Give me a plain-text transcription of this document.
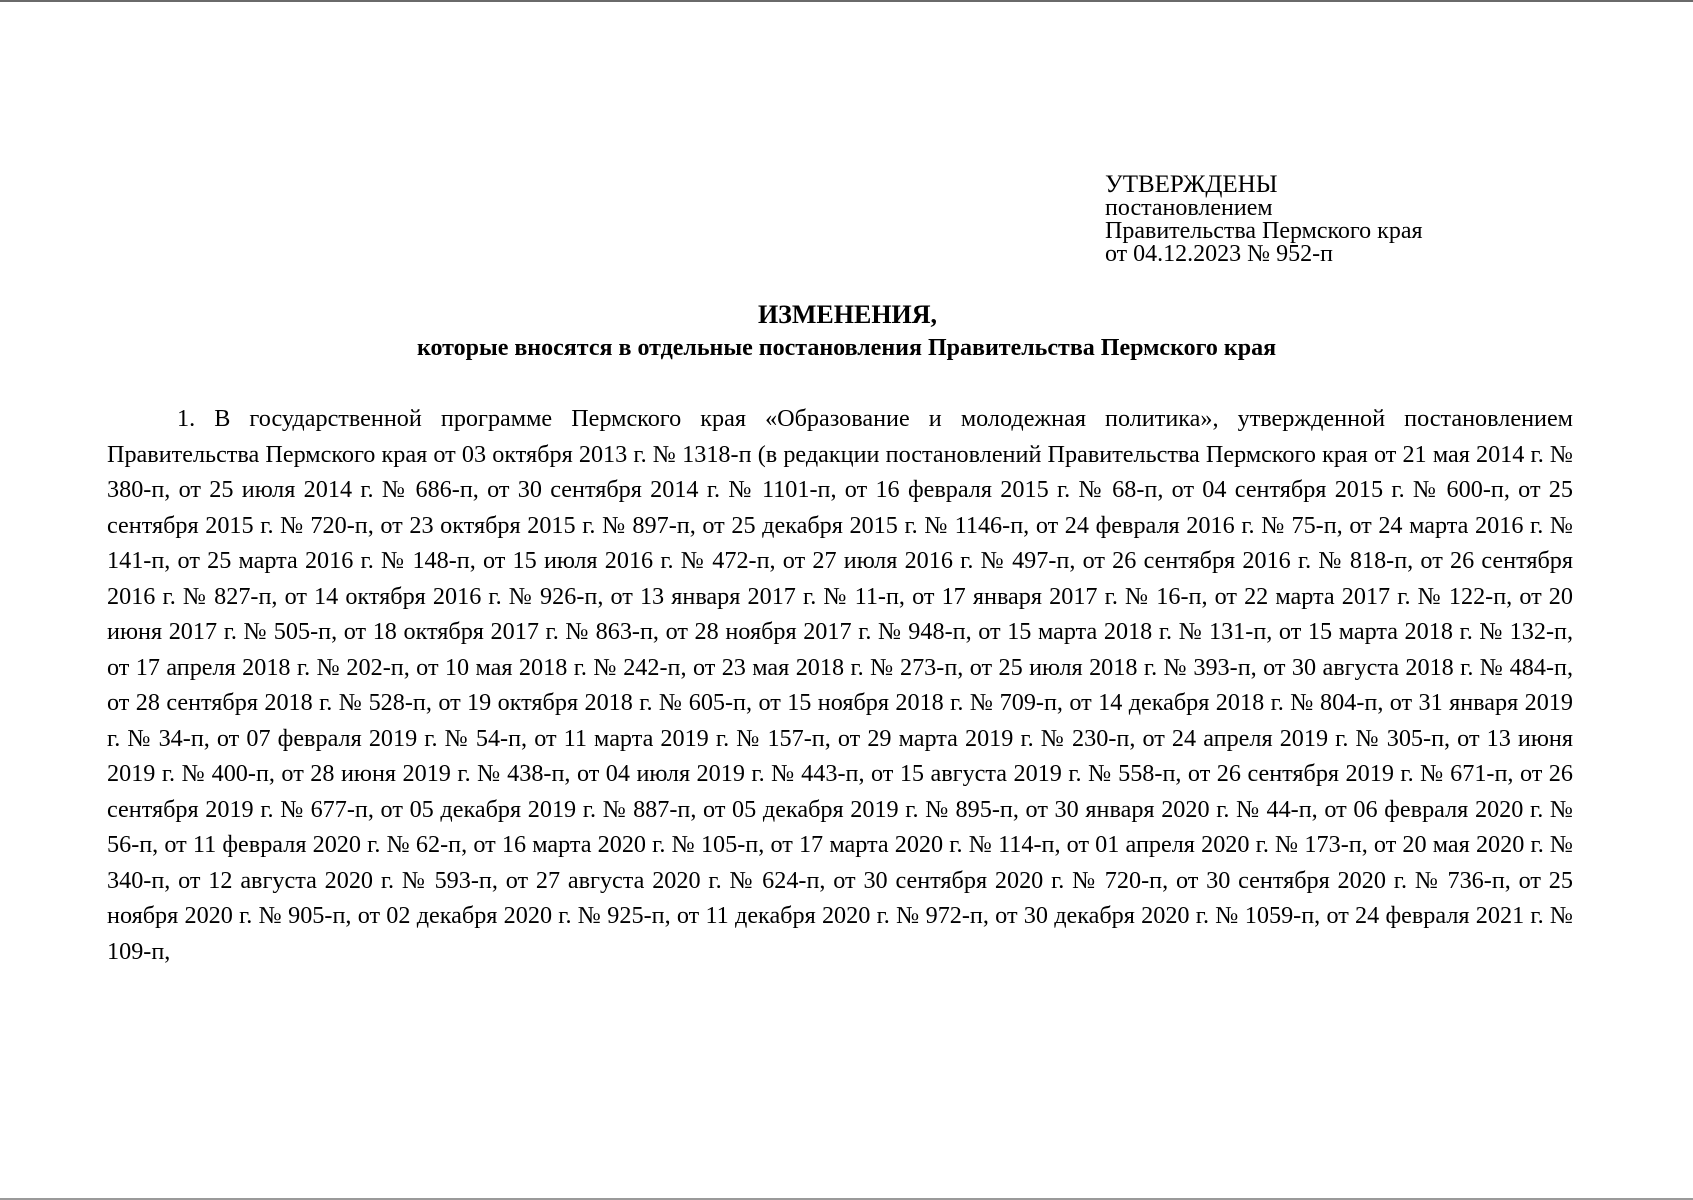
УТВЕРЖДЕНЫ
постановлением
Правительства Пермского края
от 04.12.2023 № 952-п
ИЗМЕНЕНИЯ,
которые вносятся в отдельные постановления Правительства Пермского края

1. В государственной программе Пермского края «Образование и молодежная политика», утвержденной постановлением Правительства Пермского края от 03 октября 2013 г. № 1318-п (в редакции постановлений Правительства Пермского края от 21 мая 2014 г. № 380-п, от 25 июля 2014 г. № 686-п, от 30 сентября 2014 г. № 1101-п, от 16 февраля 2015 г. № 68-п, от 04 сентября 2015 г. № 600-п, от 25 сентября 2015 г. № 720-п, от 23 октября 2015 г. № 897-п, от 25 декабря 2015 г. № 1146-п, от 24 февраля 2016 г. № 75-п, от 24 марта 2016 г. № 141-п, от 25 марта 2016 г. № 148-п, от 15 июля 2016 г. № 472-п, от 27 июля 2016 г. № 497-п, от 26 сентября 2016 г. № 818-п, от 26 сентября 2016 г. № 827-п, от 14 октября 2016 г. № 926-п, от 13 января 2017 г. № 11-п, от 17 января 2017 г. № 16-п, от 22 марта 2017 г. № 122-п, от 20 июня 2017 г. № 505-п, от 18 октября 2017 г. № 863-п, от 28 ноября 2017 г. № 948-п, от 15 марта 2018 г. № 131-п, от 15 марта 2018 г. № 132-п, от 17 апреля 2018 г. № 202-п, от 10 мая 2018 г. № 242-п, от 23 мая 2018 г. № 273-п, от 25 июля 2018 г. № 393-п, от 30 августа 2018 г. № 484-п, от 28 сентября 2018 г. № 528-п, от 19 октября 2018 г. № 605-п, от 15 ноября 2018 г. № 709-п, от 14 декабря 2018 г. № 804-п, от 31 января 2019 г. № 34-п, от 07 февраля 2019 г. № 54-п, от 11 марта 2019 г. № 157-п, от 29 марта 2019 г. № 230-п, от 24 апреля 2019 г. № 305-п, от 13 июня 2019 г. № 400-п, от 28 июня 2019 г. № 438-п, от 04 июля 2019 г. № 443-п, от 15 августа 2019 г. № 558-п, от 26 сентября 2019 г. № 671-п, от 26 сентября 2019 г. № 677-п, от 05 декабря 2019 г. № 887-п, от 05 декабря 2019 г. № 895-п, от 30 января 2020 г. № 44-п, от 06 февраля 2020 г. № 56-п, от 11 февраля 2020 г. № 62-п, от 16 марта 2020 г. № 105-п, от 17 марта 2020 г. № 114-п, от 01 апреля 2020 г. № 173-п, от 20 мая 2020 г. № 340-п, от 12 августа 2020 г. № 593-п, от 27 августа 2020 г. № 624-п, от 30 сентября 2020 г. № 720-п, от 30 сентября 2020 г. № 736-п, от 25 ноября 2020 г. № 905-п, от 02 декабря 2020 г. № 925-п, от 11 декабря 2020 г. № 972-п, от 30 декабря 2020 г. № 1059-п, от 24 февраля 2021 г. № 109-п,
